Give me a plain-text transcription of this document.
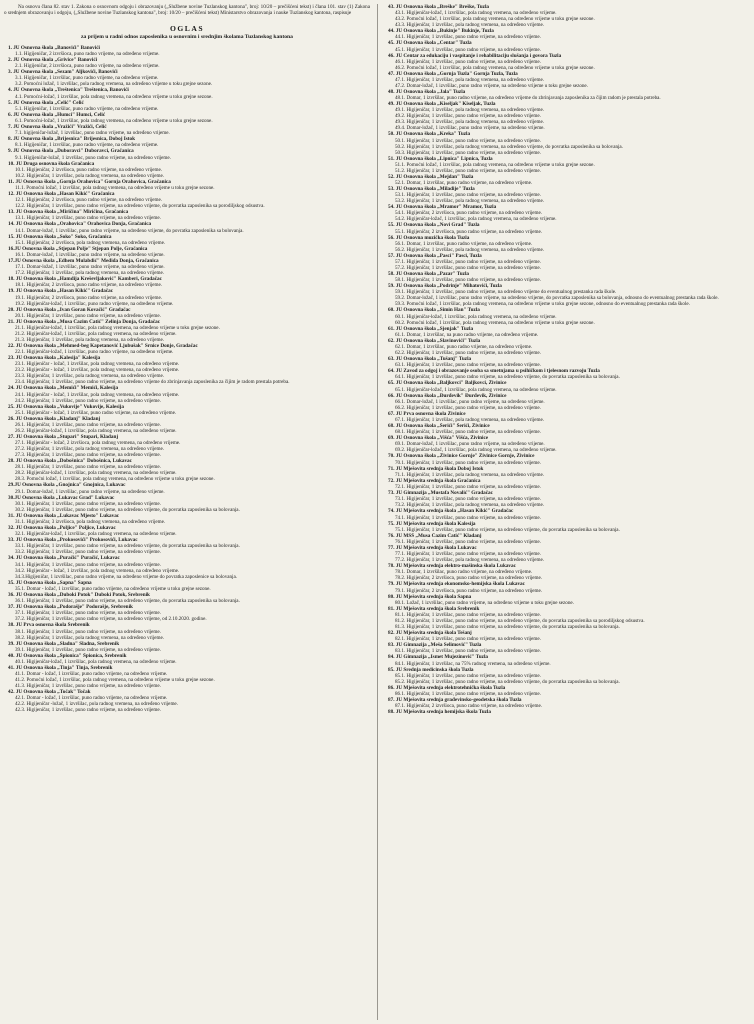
Na osnovu člana 82. stav 1. Zakona o osnovnom odgoju i obrazovanju („Službene novine Tuzlanskog kantona", broj: 10/20 – prečišćeni tekst) i člana 101. stav (1) Zakona o srednjem obrazovanju i odgoju, („Službene novine Tuzlanskog kantona", broj: 10/20 – prečišćeni tekst) Ministarstvo obrazovanja i nauke Tuzlanskog kantona, raspisuje

OGLAS
za prijem u radni odnos zaposlenika u osnovnim i srednjim školama Tuzlanskog kantona
1. JU Osnovna škola „Banovići" Banovići
1.1. Higijeničar, 2 izvršioca, puno radno vrijeme, na određeno vrijeme.
2. JU Osnovna škola „Grivice" Banovići
2.1. Higijeničar, 2 izvršioca, puno radno vrijeme, na određeno vrijeme.
3. JU Osnovna škola „Sezam" Aljkovići, Banovići
3.1. Higijeničar, 1 izvršilac, puno radno vrijeme, na određeno vrijeme.
3.2. Pomoćni ložač, 1 izvršilac, pola radnog vremena, na određeno vrijeme u toku grejne sezone.
4. JU Osnovna škola „Treštenica" Treštenica, Banovići
4.1. Pomoćni-ložač, 1 izvršilac, pola radnog vremena, na određeno vrijeme u toku grejne sezone.
5. JU Osnovna škola „Čelić" Čelić
5.1. Higijeničar, 1 izvršilac, puno radno vrijeme, na određeno vrijeme.
6. JU Osnovna škola „Humci" Humci, Čelić
6.1. Pomoćni-ložač, 1 izvršilac, pola radnog vremena, na određeno vrijeme u toku grejne sezone.
7. JU Osnovna škola „Vražići" Vražići, Čelić
7.1. higijeničar-ložač, 1 izvršilac, puno radno vrijeme, na određeno vrijeme.
8. JU Osnovna škola „Brijesnica" Brijesnica, Doboj Istok
8.1. Higijeničar, 1 izvršilac, puno radno vrijeme, na određeno vrijeme.
9. JU Osnovna škola „Duboravci" Duboravci, Gračanica
9.1. Higijeničar-ložač, 1 izvršilac, puno radno vrijeme, na određeno vrijeme.
10. JU Druga osnovna škola Gračanica
10.1. Higijeničar, 2 izvršioca, puno radno vrijeme, na određeno vrijeme.
10.2. Higijeničar, 1 izvršilac, pola radnog vremena, na određeno vrijeme.
11. JU Osnovna škola „Gornja Orahovica" Gornja Orahovica, Gračanica
11.1. Pomoćni ložač, 1 izvršilac, pola radnog vremena, na određeno vrijeme u toku grejne sezone.
12. JU Osnovna škola „Hasan Kikić" Gračanica
12.1. Higijeničar, 2 izvršioca, puno radno vrijeme, na određeno vrijeme.
12.2. Higijeničar, 1 izvršilac, puno radno vrijeme, na određeno vrijeme, do povratka zaposlenika sa porodiljskog odsustva.
13. JU Osnovna škola „Miričina" Miričina, Gračanica
13.1. Higijeničar, 1 izvršilac, puno radno vrijeme, na određeno vrijeme.
14. JU Osnovna škola „Orahovica" Orahovica Donja, Gračanica
14.1. Domar-ložač, 1 izvršilac, puno radno vrijeme, na određeno vrijeme, do povratka zaposlenika sa bolovanja.
15. JU Osnovna škola „Soko" Soko, Gračanica
15.1. Higijeničar, 2 izvršioca, pola radnog vremena, na određeno vrijeme.
16.JU Osnovna škola „Stjepan Polje" Stjepan Polje, Gračanica
16.1. Domar-ložač, 1 izvršilac, puno radno vrijeme, na određeno vrijeme.
17.JU Osnovna škola „Edhem Mulabdić" Međiđa Donja, Gračanica
17.1. Domar-ložač, 1 izvršilac, puno radno vrijeme, na određeno vrijeme.
17.2. Higijeničar, 1 izvršilac, pola radnog vremena, na određeno vrijeme.
18. JU Osnovna škola „Hamdija Kreševljaković" Kamberi, Gradačac
18.1. Higijeničar, 2 izvršioca, puno radno vrijeme, na određeno vrijeme.
19. JU Osnovna škola „Hasan Kikić" Gradačac
19.1. Higijeničar, 2 izvršioca, puno radno vrijeme, na određeno vrijeme.
19.2. Higijeničar-ložač, 1 izvršilac, puno radno vrijeme, na određeno vrijeme.
20. JU Osnovna škola „Ivan Goran Kovačić" Gradačac
20.1. Higijeničar, 1 izvršilac, puno radno vrijeme, na određeno vrijeme.
21. JU Osnovna škola „Musa Ćazim Ćatić" Zelinja Donja, Gradačac
21.1. Higijeničar-ložač, 1 izvršilac, pola radnog vremena, na određeno vrijeme u toku grejne sezone.
21.2. Higijeničar-ložač, 1 izvršilac, pola radnog vremena, na određeno vrijeme.
21.3. Higijeničar, 1 izvršilac, pola radnog vremena, na određeno vrijeme.
22. JU Osnovna škola „Mehmed-beg Kapetanović Ljubušak" Srnice Donje, Gradačac
22.1. Higijeničar-ložač, 1 izvršilac, puno radno vrijeme, na određeno vrijeme.
23. JU Osnovna škola „Kalesija" Kalesija
23.1. Higijeničar - ložač, 1 izvršilac, pola radnog vremena, na određeno vrijeme.
23.2. Higijeničar - ložač, 1 izvršilac, pola radnog vremena, na određeno vrijeme.
23.3. Higijeničar, 1 izvršilac, pola radnog vremena, na određeno vrijeme.
23.4. Higijeničar, 1 izvršilac, puno radno vrijeme, na određeno vrijeme do zbrinjavanja zaposlenika za čijim je radom prestala potreba.
24. JU Osnovna škola „Memići" Memići, Kalesija
24.1. Higijeničar - ložač, 1 izvršilac, pola radnog vremena, na određeno vrijeme.
24.2. Higijeničar, 1 izvršilac, puno radno vrijeme, na određeno vrijeme.
25. JU Osnovna škola „Vukovije" Vukovije, Kalesija
25.1. Higijeničar - ložač, 1 izvršilac, puno radno vrijeme, na određeno vrijeme.
26. JU Osnovna škola „Kladanj" Kladanj
26.1. Higijeničar, 1 izvršilac, puno radno vrijeme, na određeno vrijeme.
26.2. Higijeničar-ložač, 1 izvršilac, pola radnog vremena, na određeno vrijeme.
27. JU Osnovna škola „Stupari" Stupari, Kladanj
27.1. Higijeničar - ložač, 2 izvršioca, pola radnog vremena, na određeno vrijeme.
27.2. Higijeničar, 1 izvršilac, pola radnog vremena, na određeno vrijeme.
27.3. Higijeničar, 1 izvršilac, puno radno vrijeme, na određeno vrijeme.
28. JU Osnovna škola „Dobošnica" Dobošnica, Lukavac
28.1. Higijeničar, 1 izvršilac, puno radno vrijeme, na određeno vrijeme.
28.2. Higijeničar-ložač, 1 izvršilac, pola radnog vremena, na određeno vrijeme.
28.3. Pomoćni ložač, 1 izvršilac, pola radnog vremena, na određeno vrijeme u toku grejne sezone.
29.JU Osnovna škola „Gnojnica" Gnojnica, Lukavac
29.1. Domar-ložač, 1 izvršilac, puno radno vrijeme, na određeno vrijeme.
30.JU Osnovna škola „Lukavac Grad" Lukavac
30.1. Higijeničar, 1 izvršilac, puno radno vrijeme, na određeno vrijeme.
30.2. Higijeničar, 1 izvršilac, puno radno vrijeme, na određeno vrijeme, do povratka zaposlenika sa bolovanja.
31. JU Osnovna škola „Lukavac Mjesto" Lukavac
31.1. Higijeničar, 3 izvršioca, pola radnog vremena, na određeno vrijeme.
32. JU Osnovna škola „Poljice" Poljice, Lukavac
32.1. Higijeničar-ložač, 1 izvršilac, pola radnog vremena, na određeno vrijeme.
33. JU Osnovna škola „Prokosovići" Prokosovići, Lukavac
33.1. Higijeničar, 1 izvršilac, puno radno vrijeme, na određeno vrijeme, do povratka zaposlenika sa bolovanja.
33.2. Higijeničar, 1 izvršilac, puno radno vrijeme, na određeno vrijeme.
34. JU Osnovna škola „Puračić" Puračić, Lukavac
34.1. Higijeničar, 1 izvršilac, puno radno vrijeme, na određeno vrijeme.
34.2. Higijeničar - ložač, 1 izvršilac, pola radnog vremena, na određeno vrijeme.
34.3.Higijeničar, 1 izvršilac, puno radno vrijeme, na određeno vrijeme do povratka zaposlenice sa bolovanja.
35. JU Osnovna škola „Sapna" Sapna
35.1. Domar - ložač, 1 izvršilac, puno radno vrijeme, na određeno vrijeme u toku grejne sezone.
36. JU Osnovna škola „Duboki Potok" Duboki Potok, Srebrenik
36.1. Higijeničar, 1 izvršilac, puno radno vrijeme, na određeno vrijeme, do povratka zaposlenika sa bolovanja.
37. JU Osnovna škola „Podorašje" Podorašje, Srebrenik
37.1. Higijeničar, 1 izvršilac, puno radno vrijeme, na određeno vrijeme.
37.2. Higijeničar, 1 izvršilac, puno radno vrijeme, na određeno vrijeme, od 2.10.2020. godine.
38. JU Prva osnovna škola Srebrenik
38.1. Higijeničar, 1 izvršilac, puno radno vrijeme, na određeno vrijeme.
38.2. Higijeničar, 1 izvršilac, pola radnog vremena, na određeno vrijeme.
39. JU Osnovna škola „Sladna" Sladna, Srebrenik
39.1. Higijeničar, 1 izvršilac, puno radno vrijeme, na određeno vrijeme.
40. JU Osnovna škola „Špionica" Špionica, Srebrenik
40.1. Higijeničar-ložač, 1 izvršilac, pola radnog vremena, na određeno vrijeme.
41. JU Osnovna škola „Tinja" Tinja, Srebrenik
41.1. Domar - ložač, 1 izvršilac, puno radno vrijeme, na određeno vrijeme.
41.2. Pomoćni ložač, 1 izvršilac, pola radnog vremena, na određeno vrijeme u toku grejne sezone.
41.3. Higijeničar, 1 izvršilac, puno radno vrijeme, na određeno vrijeme.
42. JU Osnovna škola „Točak" Točak
42.1. Domar - ložač, 1 izvršilac, puno radno vrijeme, na određeno vrijeme.
42.2. Higijeničar -ložač, 1 izvršilac, pola radnog vremena, na određeno vrijeme.
42.3. Higijeničar, 1 izvršilac, puno radno vrijeme, na određeno vrijeme.
43. JU Osnovna škola „Breške" Breške, Tuzla
43.1. Higijeničar-ložač, 1 izvršilac, pola radnog vremena, na određeno vrijeme.
43.2. Pomoćni ložač, 1 izvršilac, pola radnog vremena, na određeno vrijeme u toku grejne sezone.
43.3. Higijeničar, 1 izvršilac, pola radnog vremena, na određeno vrijeme.
44. JU Osnovna škola „Bukinje" Bukinje, Tuzla
44.1. Higijeničar, 1 izvršilac, puno radno vrijeme, na određeno vrijeme.
45. JU Osnovna škola „Centar" Tuzla
45.1. Higijeničar, 1 izvršilac, puno radno vrijeme, na određeno vrijeme.
46. JU Centar za edukaciju i vaspitanje i rehabilitaciju slušanja i govora Tuzla
46.1. Higijeničar, 1 izvršilac, puno radno vrijeme, na određeno vrijeme.
46.2. Pomoćni ložač, 1 izvršilac, pola radnog vremena, na određeno vrijeme u toku grejne sezone.
47. JU Osnovna škola „Gornja Tuzla" Gornja Tuzla, Tuzla
47.1. Higijeničar, 1 izvršilac, pola radnog vremena, na određeno vrijeme.
47.2. Domar-ložač, 1 izvršilac, puno radno vrijeme, na određeno vrijeme u toku grejne sezone.
48. JU Osnovna škola „Jala" Tuzla
48.1. Domar, 1 izvršilac, puno radno vrijeme, na određeno vrijeme do zbrinjavanja zaposlenika za čijim radom je prestala potreba.
49. JU Osnovna škola „Kiseljak" Kiseljak, Tuzla
49.1. Higijeničar, 1 izvršilac, pola radnog vremena, na određeno vrijeme.
49.2. Higijeničar, 1 izvršilac, puno radno vrijeme, na određeno vrijeme.
49.3. Higijeničar, 1 izvršilac, pola radnog vremena, na određeno vrijeme.
49.4. Domar-ložač, 1 izvršilac, puno radno vrijeme, na određeno vrijeme.
50. JU Osnovna škola „Kreka" Tuzla
50.1. Higijeničar, 1 izvršilac, puno radno vrijeme, na određeno vrijeme.
50.2. Higijeničar, 1 izvršilac, pola radnog vremena, na određeno vrijeme, do povratka zaposlenika sa bolovanja.
50.3. Higijeničar, 1 izvršilac, puno radno vrijeme, na određeno vrijeme.
51. JU Osnovna škola „Lipnica" Lipnica, Tuzla
51.1. Pomoćni ložač, 1 izvršilac, pola radnog vremena, na određeno vrijeme u toku grejne sezone.
51.2. Higijeničar, 1 izvršilac, puno radno vrijeme, na određeno vrijeme.
52. JU Osnovna škola „Mejdan" Tuzla
52.1. Domar, 1 izvršilac, puno radno vrijeme, na određeno vrijeme.
53. JU Osnovna škola „Miladije" Tuzla
53.1. Higijeničar, 1 izvršilac, puno radno vrijeme, na određeno vrijeme.
53.2. Higijeničar, 1 izvršilac, pola radnog vremena, na određeno vrijeme.
54. JU Osnovna škola „Mramor" Mramor, Tuzla
54.1. Higijeničar, 2 izvršioca, puno radno vrijeme, na određeno vrijeme.
54.2. Higijeničar-ložač, 1 izvršilac, pola radnog vremena, na određeno vrijeme.
55. JU Osnovna škola „Novi Grad" Tuzla
55.1. Higijeničar, 2 izvršioca, puno radno vrijeme, na određeno vrijeme.
56. JU Osnovna muzička škola Tuzla
56.1. Domar, 1 izvršilac, puno radno vrijeme, na određeno vrijeme.
56.2. Higijeničar, 1 izvršilac, pola radnog vremena, na određeno vrijeme.
57. JU Osnovna škola „Pasci" Pasci, Tuzla
57.1. Higijeničar, 1 izvršilac, puno radno vrijeme, na određeno vrijeme.
57.2. Higijeničar, 1 izvršilac, puno radno vrijeme, na određeno vrijeme.
58. JU Osnovna škola „Pazar" Tuzla
58.1. Higijeničar, 1 izvršilac, puno radno vrijeme, na određeno vrijeme.
59. JU Osnovna škola „Podrinje" Mihatovići, Tuzla
59.1. Higijeničar, 1 izvršilac, puno radno vrijeme, na određeno vrijeme do eventualnog prestanka rada škole.
59.2. Domar-ložač, 1 izvršilac, puno radno vrijeme, na određeno vrijeme, do povratka zaposlenika sa bolovanja, odnosno do eventualnog prestanka rada škole.
59.3. Pomoćni ložač, 1 izvršilac, pola radnog vremena, na određeno vrijeme u toku grejne sezone, odnosno do eventualnog prestanka rada škole.
60. JU Osnovna škola „Simin Han" Tuzla
60.1. Higijeničar-ložač, 1 izvršilac, pola radnog vremena, na određeno vrijeme.
60.2. Pomoćni ložač, 1 izvršilac, pola radnog vremena, na određeno vrijeme u toku grejne sezone.
61. JU Osnovna škola „Sjenjak" Tuzla
61.1. Domar, 1 izvršilac, na puno radno vrijeme, na određeno vrijeme.
62. JU Osnovna škola „Slavinovići" Tuzla
62.1. Domar, 1 izvršilac, puno radno vrijeme, na određeno vrijeme.
62.2. Higijeničar, 1 izvršilac, puno radno vrijeme, na određeno vrijeme.
63. JU Osnovna škola „Tušanj" Tuzla
63.1. Higijeničar, 1 izvršilac, puno radno vrijeme, na određeno vrijeme.
64. JU Zavod za odgoj i obrazovanje osoba sa smetnjama u psihičkom i tjelesnom razvoju Tuzla
64.1. Higijeničar, 1 izvršilac, puno radno vrijeme, na određeno vrijeme, do povratka zaposlenika sa bolovanja.
65. JU Osnovna škola „Baljkovci" Baljkovci, Živinice
65.1. Higijeničar-ložač, 1 izvršilac, pola radnog vremena, na određeno vrijeme.
66. JU Osnovna škola „Đurđevik" Đurđevik, Živinice
66.1. Domar-ložač, 1 izvršilac, puno radno vrijeme, na određeno vrijeme.
66.2. Higijeničar, 1 izvršilac, puno radno vrijeme, na određeno vrijeme.
67. JU Prva osnovna škola Živinice
67.1. Higijeničar, 1 izvršilac, pola radnog vremena, na određeno vrijeme.
68. JU Osnovna škola „Šerići" Šerići, Živinice
68.1. Higijeničar, 1 izvršilac, puno radno vrijeme, na određeno vrijeme.
69. JU Osnovna škola „Višća" Višća, Živinice
69.1. Domar-ložač, 1 izvršilac, puno radno vrijeme, na određeno vrijeme.
69.2. Higijeničar-ložač, 1 izvršilac, pola radnog vremena, na određeno vrijeme.
70. JU Osnovna škola „Živinice Gornje" Živinice Gornje, Živinice
70.1. Higijeničar, 1 izvršilac, puno radno vrijeme, na određeno vrijeme.
71. JU Mješovita srednja škola Doboj Istok
71.1. Higijeničar, 1 izvršilac, pola radnog vremena, na određeno vrijeme.
72. JU Mješovita srednja škola Gračanica
72.1. Higijeničar, 1 izvršilac, puno radno vrijeme, na određeno vrijeme.
73. JU Gimnazija „Mustafa Novalić" Gradačac
73.1. Higijeničar, 1 izvršilac, puno radno vrijeme, na određeno vrijeme.
73.2. Higijeničar, 1 izvršilac, pola radnog vremena, na određeno vrijeme.
74. JU Mješovita srednja škola „Hasan Kikić" Gradačac
74.1. Higijeničar, 1 izvršilac, puno radno vrijeme, na određeno vrijeme.
75. JU Mješovita srednja škola Kalesija
75.1. Higijeničar, 1 izvršilac, puno radno vrijeme, na određeno vrijeme, do povratka zaposlenika sa bolovanja.
76. JU MSŠ „Musa Ćazim Ćatić" Kladanj
76.1. Higijeničar, 1 izvršilac, puno radno vrijeme, na određeno vrijeme.
77. JU Mješovita srednja škola Lukavac
77.1. Higijeničar, 1 izvršilac, puno radno vrijeme, na određeno vrijeme.
77.2. Higijeničar, 1 izvršilac, pola radnog vremena, na određeno vrijeme.
78. JU Mješovita srednja elektro-mašinska škola Lukavac
78.1. Domar, 1 izvršilac, puno radno vrijeme, na određeno vrijeme.
78.2. Higijeničar, 2 izvršioca, puno radno vrijeme, na određeno vrijeme.
79. JU Mješovita srednja ekonomsko-hemijska škola Lukavac
79.1. Higijeničar, 2 izvršioca, puno radno vrijeme, na određeno vrijeme.
80. JU Mješovita srednja škola Sapna
80.1. Ložač, 1 izvršilac, puno radno vrijeme, na određeno vrijeme u toku grejne sezone.
81. JU Mješovita srednja škola Srebrenik
81.1. Higijeničar, 1 izvršilac, puno radno vrijeme, na određeno vrijeme.
81.2. Higijeničar, 1 izvršilac, puno radno vrijeme, na određeno vrijeme, do povratka zaposlenika sa porodiljskog odsustva.
81.3. Higijeničar, 1 izvršilac, puno radno vrijeme, na određeno vrijeme, do povratka zaposlenika sa bolovanja.
82. JU Mješovita srednja škola Tešanj
82.1. Higijeničar, 1 izvršilac, puno radno vrijeme, na određeno vrijeme.
83. JU Gimnazija „Meša Selimović" Tuzla
83.1. Higijeničar, 1 izvršilac, puno radno vrijeme, na određeno vrijeme.
84. JU Gimnazija „Ismet Mujezinović" Tuzla
84.1. Higijeničar, 1 izvršilac, na 75% radnog vremena, na određeno vrijeme.
85. JU Srednja medicinska škola Tuzla
85.1. Higijeničar, 1 izvršilac, puno radno vrijeme, na određeno vrijeme.
85.2. Higijeničar, 1 izvršilac, puno radno vrijeme, na određeno vrijeme, do povratka zaposlenika sa bolovanja.
86. JU Mješovita srednja elektrotehnička škola Tuzla
86.1. Higijeničar, 1 izvršilac, puno radno vrijeme, na određeno vrijeme.
87. JU Mješovita srednja građevinsko-geodetska škola Tuzla
87.1. Higijeničar, 2 izvršioca, puno radno vrijeme, na određeno vrijeme.
88. JU Mješovita srednja hemijska škola Tuzla
